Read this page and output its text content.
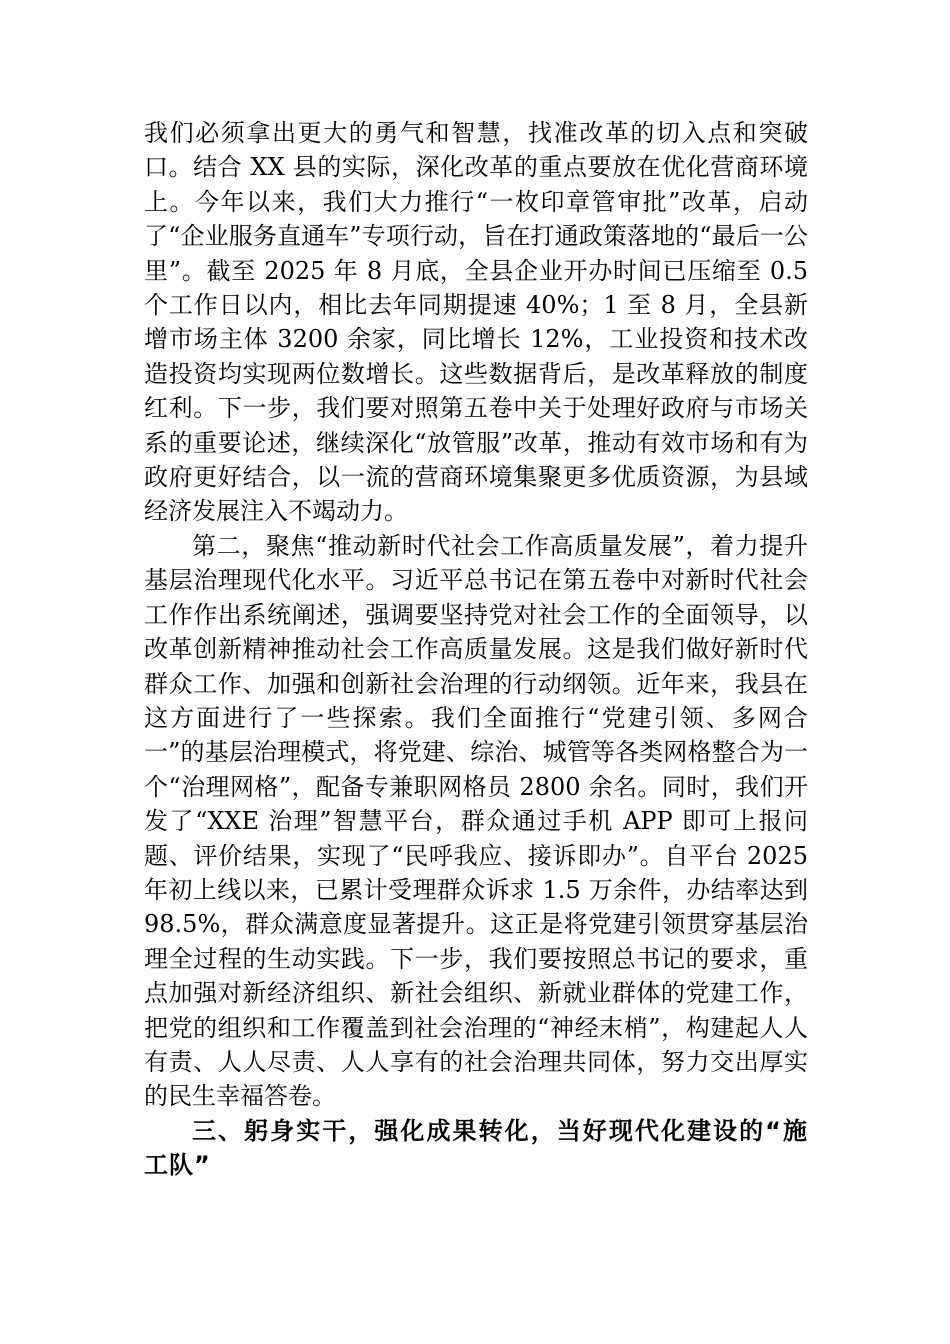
我们必须拿出更大的勇气和智慧，找准改革的切入点和突破口。结合 XX 县的实际，深化改革的重点要放在优化营商环境上。今年以来，我们大力推行“一枚印章管审批”改革，启动了“企业服务直通车”专项行动，旨在打通政策落地的“最后一公里”。截至 2025 年 8 月底，全县企业开办时间已压缩至 0.5 个工作日以内，相比去年同期提速 40%；1 至 8 月，全县新增市场主体 3200 余家，同比增长 12%，工业投资和技术改造投资均实现两位数增长。这些数据背后，是改革释放的制度红利。下一步，我们要对照第五卷中关于处理好政府与市场关系的重要论述，继续深化“放管服”改革，推动有效市场和有为政府更好结合，以一流的营商环境集聚更多优质资源，为县域经济发展注入不竭动力。

第二，聚焦“推动新时代社会工作高质量发展”，着力提升基层治理现代化水平。习近平总书记在第五卷中对新时代社会工作作出系统阐述，强调要坚持党对社会工作的全面领导，以改革创新精神推动社会工作高质量发展。这是我们做好新时代群众工作、加强和创新社会治理的行动纲领。近年来，我县在这方面进行了一些探索。我们全面推行“党建引领、多网合一”的基层治理模式，将党建、综治、城管等各类网格整合为一个“治理网格”，配备专兼职网格员 2800 余名。同时，我们开发了“XXE 治理”智慧平台，群众通过手机 APP 即可上报问题、评价结果，实现了“民呼我应、接诉即办”。自平台 2025 年初上线以来，已累计受理群众诉求 1.5 万余件，办结率达到 98.5%，群众满意度显著提升。这正是将党建引领贯穿基层治理全过程的生动实践。下一步，我们要按照总书记的要求，重点加强对新经济组织、新社会组织、新就业群体的党建工作，把党的组织和工作覆盖到社会治理的“神经末梢”，构建起人人有责、人人尽责、人人享有的社会治理共同体，努力交出厚实的民生幸福答卷。

三、躬身实干，强化成果转化，当好现代化建设的“施工队”
